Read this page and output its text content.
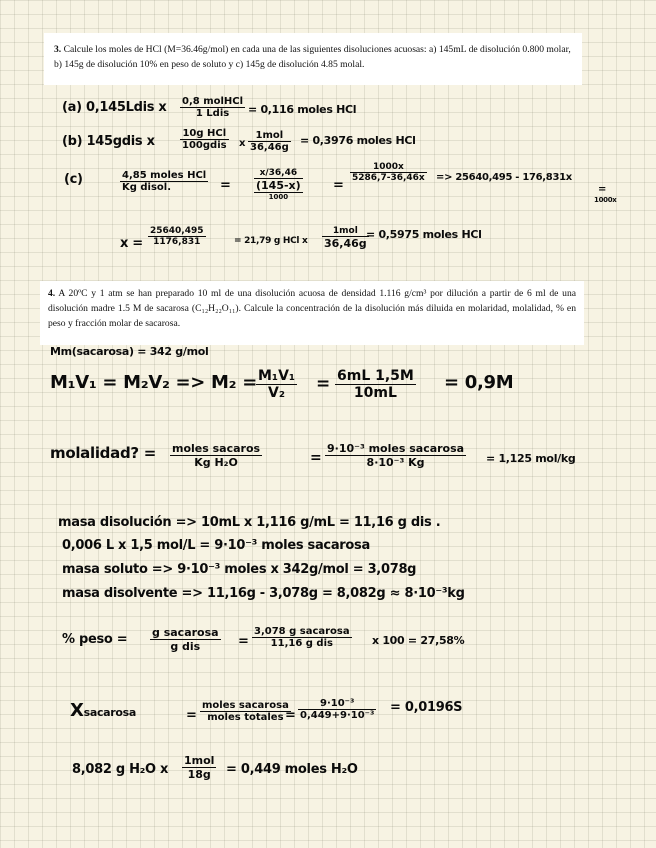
3. Calcule los moles de HCl (M=36.46g/mol) en cada una de las siguientes disoluciones acuosas: a) 145mL de disolución 0.800 molar, b) 145g de disolución 10% en peso de soluto y c) 145g de disolución 4.85 molal.
(a) 0,145Ldis x 0,8 molHCl
1 Ldis	= 0,116 moles HCl
(b) 145gdis x
10g HCl
100gdis x
1mol
36,46g
= 0,3976 moles HCl
(c)	4,85 moles HCl
Kg disol.	=
x/36,46
(145-x)
1000
=
$\frac{1000x}{5286,7-36,46x} => 25640,495 - 176,831x$
=
1000x
$x = \frac{25640,495}{1176,831}$	= 21,79 g HCl x
1mol
36,46g
= 0,5975 moles HCl
4. A 20ºC y 1 atm se han preparado 10 ml de una disolución acuosa de densidad 1.116 g/cm³ por dilución a partir de 6 ml de una disolución madre 1.5 M de sacarosa (C₁₂H₂₂O₁₁). Calcule la concentración de la disolución más diluida en molaridad, molalidad, % en peso y fracción molar de sacarosa.
Mm(sacarosa) = 342 g/mol
$M_1V_1 = M_2V_2 => M_2 = \frac{\text{M₁V₁}}{\text{V₂}} = \frac{6mL 1,5M}{10mL} = 0,9M$
molalidad? = moles sacaros
Kg H₂O	=
9·10⁻³ moles sacarosa
8·10⁻³ Kg	= 1,125 mol/kg
masa disolución => 10mL x 1,116 g/mL = 11,16 g dis .
0,006 L x 1,5 mol/L = 9·10⁻³ moles sacarosa
masa soluto => 9·10⁻³ moles x 342g/mol = 3,078g
masa disolvente => 11,16g - 3,078g = 8,082g ≈ 8·10⁻³kg
% peso = g sacarosa
g dis	=
3,078 g sacarosa
11,16 g dis	x 100 = 27,58%
Xsacarosa	=
moles sacarosa
moles totales = $\frac{\text{9·10⁻³}}{\text{0,449+9·10⁻³}} = 0,0196S$
8,082 g H₂O x
1mol
18g	= 0,449 moles H₂O
